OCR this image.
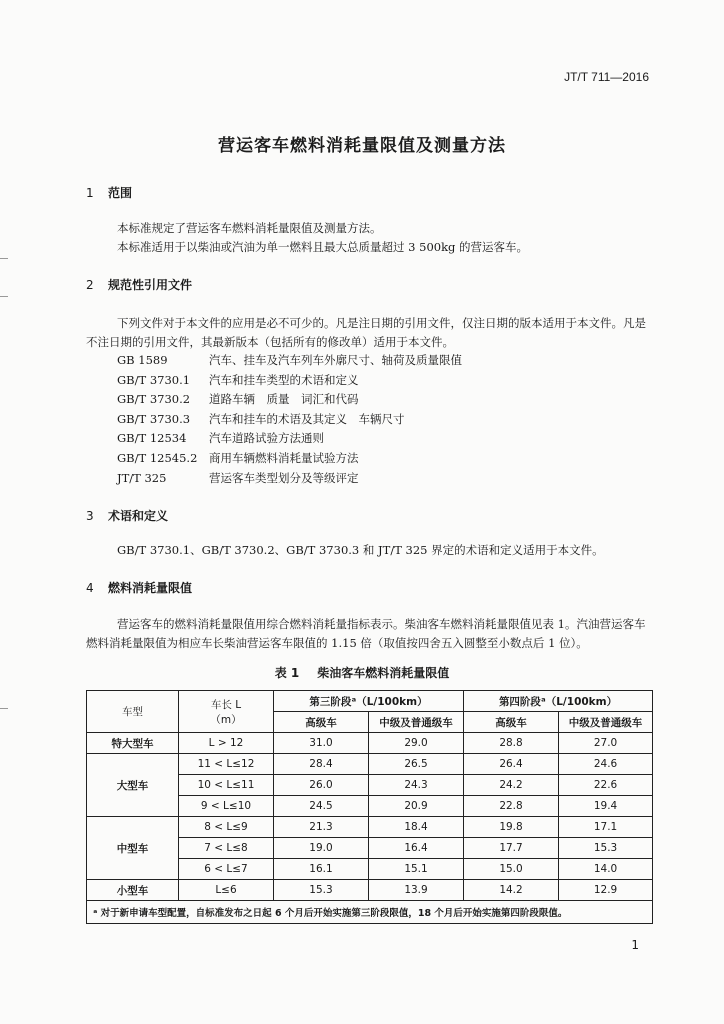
JT/T 711—2016
营运客车燃料消耗量限值及测量方法
1 范围
本标准规定了营运客车燃料消耗量限值及测量方法。
本标准适用于以柴油或汽油为单一燃料且最大总质量超过 3 500kg 的营运客车。
2 规范性引用文件
下列文件对于本文件的应用是必不可少的。凡是注日期的引用文件，仅注日期的版本适用于本文件。凡是不注日期的引用文件，其最新版本（包括所有的修改单）适用于本文件。
GB 1589	汽车、挂车及汽车列车外廓尺寸、轴荷及质量限值
GB/T 3730.1 汽车和挂车类型的术语和定义
GB/T 3730.2 道路车辆　质量　词汇和代码
GB/T 3730.3 汽车和挂车的术语及其定义　车辆尺寸
GB/T 12534 汽车道路试验方法通则
GB/T 12545.2 商用车辆燃料消耗量试验方法
JT/T 325	营运客车类型划分及等级评定
3 术语和定义
GB/T 3730.1、GB/T 3730.2、GB/T 3730.3 和 JT/T 325 界定的术语和定义适用于本文件。
4 燃料消耗量限值
营运客车的燃料消耗量限值用综合燃料消耗量指标表示。柴油客车燃料消耗量限值见表 1。汽油营运客车燃料消耗量限值为相应车长柴油营运客车限值的 1.15 倍（取值按四舍五入圆整至小数点后 1 位）。
表 1 柴油客车燃料消耗量限值
车型	车长 L
（m）	第三阶段ᵃ（L/100km）		第四阶段ᵃ（L/100km）	
		高级车	中级及普通级车	高级车	中级及普通级车
特大型车	L > 12	31.0	29.0	28.8	27.0
大型车	11 < L≤12	28.4	26.5	26.4	24.6
	10 < L≤11	26.0	24.3	24.2	22.6
	9 < L≤10	24.5	20.9	22.8	19.4
中型车	8 < L≤9	21.3	18.4	19.8	17.1
	7 < L≤8	19.0	16.4	17.7	15.3
	6 < L≤7	16.1	15.1	15.0	14.0
小型车	L≤6	15.3	13.9	14.2	12.9
ᵃ 对于新申请车型配置，自标准发布之日起 6 个月后开始实施第三阶段限值，18 个月后开始实施第四阶段限值。					
1
